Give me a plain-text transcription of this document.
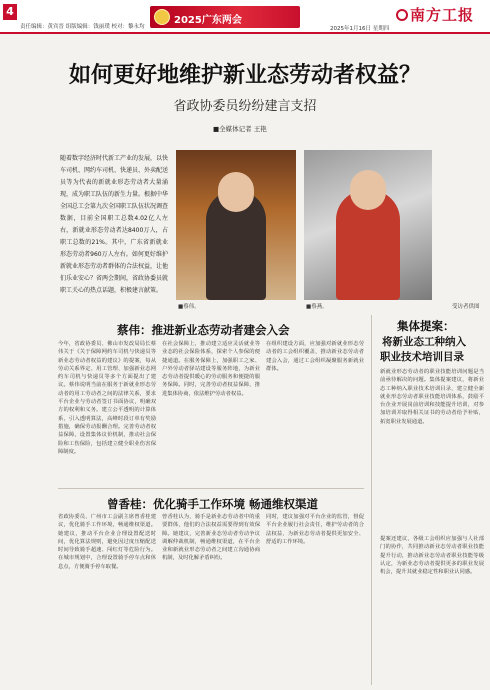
4
责任编辑：黄宾晋 组版编辑：钱丽璞 校对：黎永均
2025广东两会
2025年1月16日 星期四
南方工报
如何更好地维护新业态劳动者权益？
省政协委员纷纷建言支招
■全媒体记者 王艳
随着数字经济时代新工产业的发展，以快车司机、网约车司机、快递员、外卖配送员等为代表的新就业形态劳动者大量涌现，成为职工队伍的新生力量。根据中华全国总工会第九次全国职工队伍状况调查数据，目前全国职工总数4.02亿人左右，新就业形态劳动者达8400万人，占职工总数的21%。其中，广东省新就业形态劳动者960万人左右。如何更好维护新就业形态劳动者群体的合法权益，让他们乐业安心？省两会期间，省政协委员就职工关心的热点话题，积极建言献策。
■蔡伟。	■蔡燕。	受访者供图
蔡伟：推进新业态劳动者建会入会
今年，省政协委员、佛山市发改局局长蔡伟关于《关于保障网约车司机与快递员等新业态劳动者权益的建议》的提案，每从劳动关系界定、用工管理、加强新业态网约车司机与快递员等多个方面提出了建议。蔡伟说明当前在服务于新就业形态劳动者的用工劳动者之间的法律关系，要求平台企业与劳动者签订书面协议，明确双方的权利和义务。建立公平透明的计算体系，引入透明算法，高峰时段订单有奖励措施，确保劳动报酬合理。完善劳动者权益保障，设置集体议价机制，推动社会保险和工伤保险，包括建立健全职业伤害保障制度。
在社会保障上，推动建立适应灵活就业等业态的社会保险体系，探索个人参保的便捷通道。在服务保障上，加强职工之家、户外劳动者驿站建设等服务阵地，为新业态劳动者提供暖心的劳动服务和便捷的服务保障。同时，完善劳动者权益保障，推进集体协商，依法维护劳动者权益。
在组织建设方面，应加强对新就业形态劳动者的工会组织覆盖，推动新业态劳动者建会入会，通过工会组织凝聚服务新就业群体。
集体提案：
将新业态工种纳入
职业技术培训目录
新就业形态劳动者的职业技能培训问题是当前亟待解决的问题。集体提案建议，将新业态工种纳入职业技术培训目录，建立健全新就业形态劳动者职业技能培训体系，鼓励平台企业开展岗前培训和技能提升培训，对参加培训并取得相关证书的劳动者给予补贴，拓宽职业发展通道。
提案还建议，各级工会组织应加强与人社部门的协作，共同推动新业态劳动者职业技能提升行动，推动新业态劳动者职业技能等级认定，为新业态劳动者提供更多的职业发展机会，提升其就业稳定性和职业认同感。
曾香桂：优化骑手工作环境 畅通维权渠道
省政协委员、广州市工会副主席曾香桂建议，优化骑手工作环境，畅通维权渠道。她建议，推动平台企业合理设置配送时间，优化算法规则，避免因过度压缩配送时间导致骑手超速、闯红灯等危险行为。在城市规划中，合理设置骑手停车点和休息点，方便骑手停车取餐。
曾香桂认为，骑手是新业态劳动者中的重要群体，他们的合法权益需要得到有效保障。她建议，完善新业态劳动者劳动争议调解仲裁机制，畅通维权渠道，在平台企业和新就业形态劳动者之间建立沟通协商机制，及时化解矛盾纠纷。
同时，建议加强对平台企业的监管，督促平台企业履行社会责任，维护劳动者的合法权益，为新业态劳动者提供更加安全、舒适的工作环境。
